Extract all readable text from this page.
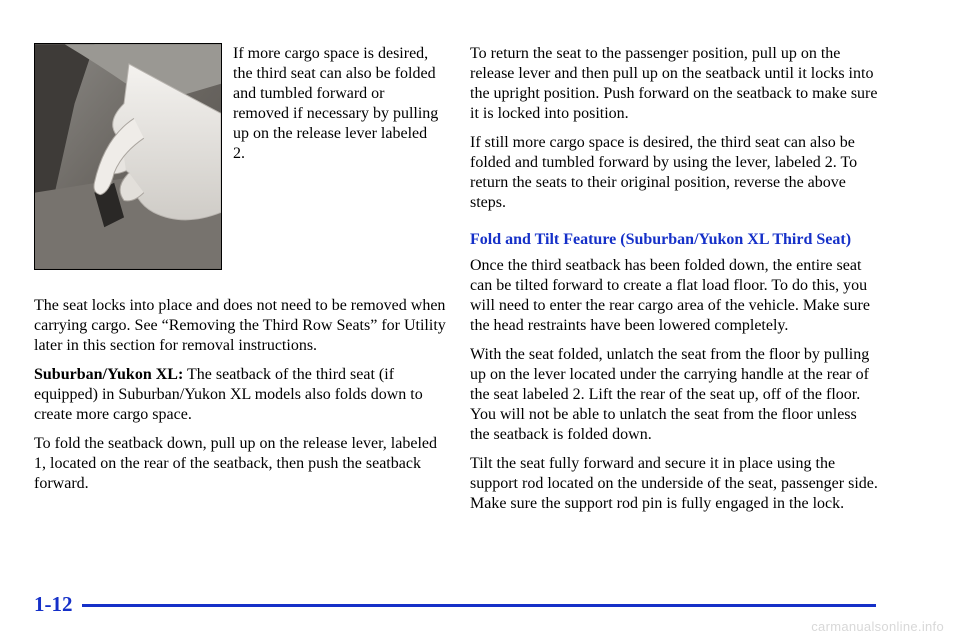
If more cargo space is desired, the third seat can also be folded and tumbled forward or removed if necessary by pulling up on the release lever labeled 2.

The seat locks into place and does not need to be removed when carrying cargo. See “Removing the Third Row Seats” for Utility later in this section for removal instructions.

Suburban/Yukon XL: The seatback of the third seat (if equipped) in Suburban/Yukon XL models also folds down to create more cargo space.

To fold the seatback down, pull up on the release lever, labeled 1, located on the rear of the seatback, then push the seatback forward.

To return the seat to the passenger position, pull up on the release lever and then pull up on the seatback until it locks into the upright position. Push forward on the seatback to make sure it is locked into position.

If still more cargo space is desired, the third seat can also be folded and tumbled forward by using the lever, labeled 2. To return the seats to their original position, reverse the above steps.

Fold and Tilt Feature (Suburban/Yukon XL Third Seat)

Once the third seatback has been folded down, the entire seat can be tilted forward to create a flat load floor. To do this, you will need to enter the rear cargo area of the vehicle. Make sure the head restraints have been lowered completely.

With the seat folded, unlatch the seat from the floor by pulling up on the lever located under the carrying handle at the rear of the seat labeled 2. Lift the rear of the seat up, off of the floor. You will not be able to unlatch the seat from the floor unless the seatback is folded down.

Tilt the seat fully forward and secure it in place using the support rod located on the underside of the seat, passenger side. Make sure the support rod pin is fully engaged in the lock.

1-12
carmanualsonline.info
